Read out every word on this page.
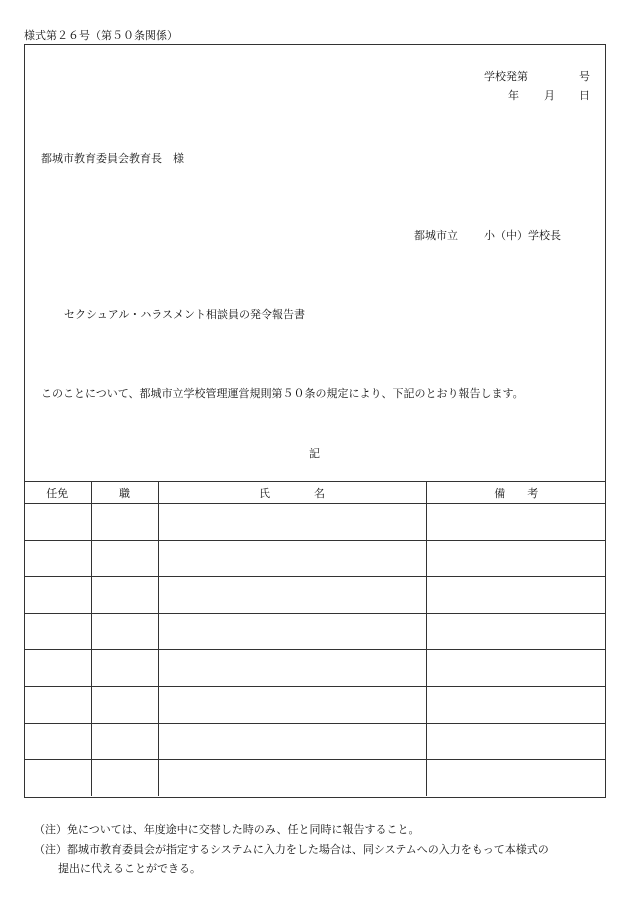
様式第２６号（第５０条関係）
学校発第	号
年 月 日
都城市教育委員会教育長　様
都城市立 小（中）学校長
セクシュアル・ハラスメント相談員の発令報告書
このことについて、都城市立学校管理運営規則第５０条の規定により、下記のとおり報告します。
記
任免	職	氏　　　　名	備　　考

（注）免については、年度途中に交替した時のみ、任と同時に報告すること。
（注）都城市教育委員会が指定するシステムに入力をした場合は、同システムへの入力をもって本様式の
提出に代えることができる。
